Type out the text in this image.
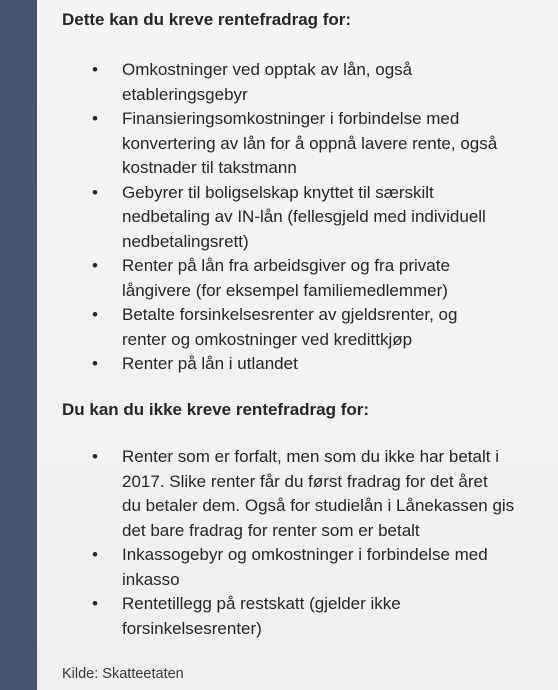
Dette kan du kreve rentefradrag for:
• Omkostninger ved opptak av lån, også
etableringsgebyr
• Finansieringsomkostninger i forbindelse med
konvertering av lån for å oppnå lavere rente, også
kostnader til takstmann
• Gebyrer til boligselskap knyttet til særskilt
nedbetaling av IN-lån (fellesgjeld med individuell
nedbetalingsrett)
• Renter på lån fra arbeidsgiver og fra private
långivere (for eksempel familiemedlemmer)
• Betalte forsinkelsesrenter av gjeldsrenter, og
renter og omkostninger ved kredittkjøp
• Renter på lån i utlandet
Du kan du ikke kreve rentefradrag for:
• Renter som er forfalt, men som du ikke har betalt i
2017. Slike renter får du først fradrag for det året
du betaler dem. Også for studielån i Lånekassen gis
det bare fradrag for renter som er betalt
• Inkassogebyr og omkostninger i forbindelse med
inkasso
• Rentetillegg på restskatt (gjelder ikke
forsinkelsesrenter)
Kilde: Skatteetaten
